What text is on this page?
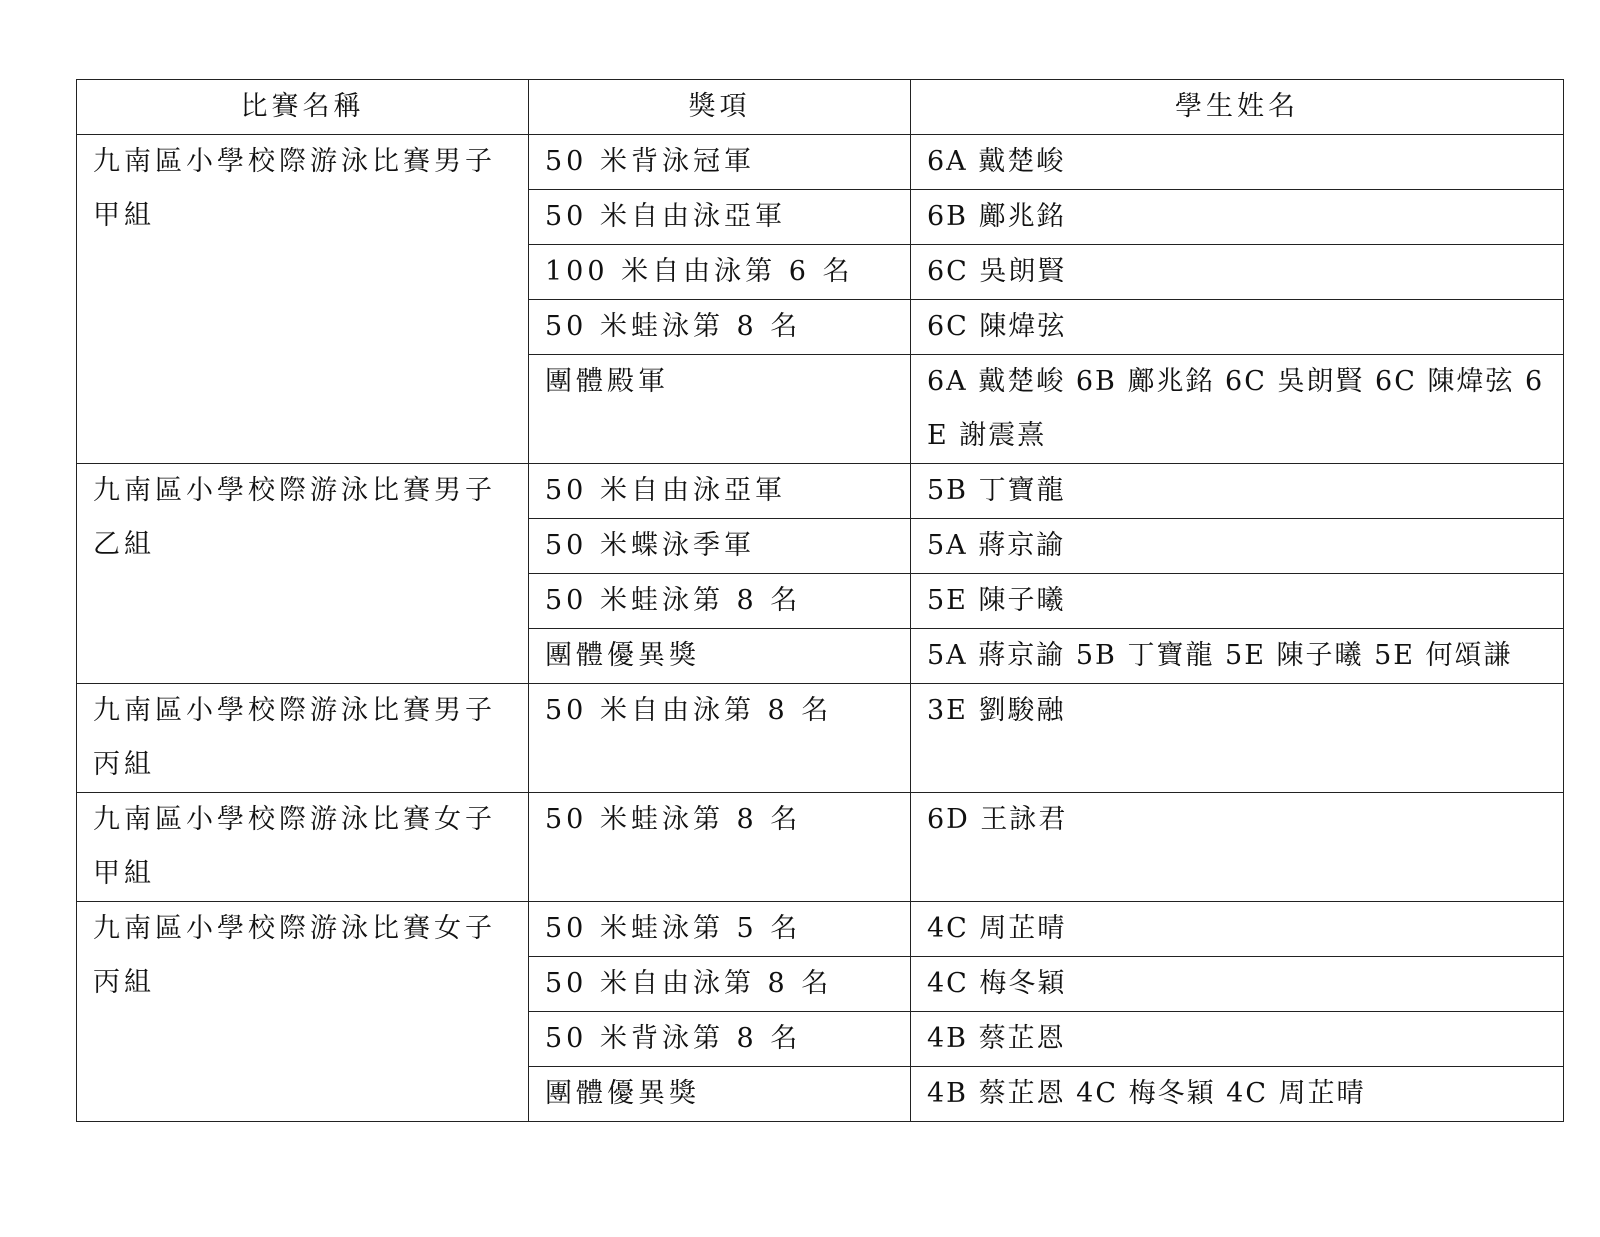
比賽名稱	獎項	學生姓名
九南區小學校際游泳比賽男子甲組	50 米背泳冠軍	6A 戴楚峻
	50 米自由泳亞軍	6B 鄺兆銘
	100 米自由泳第 6 名	6C 吳朗賢
	50 米蛙泳第 8 名	6C 陳煒弦
	團體殿軍	6A 戴楚峻 6B 鄺兆銘 6C 吳朗賢 6C 陳煒弦 6E 謝震熹
九南區小學校際游泳比賽男子乙組	50 米自由泳亞軍	5B 丁寶龍
	50 米蝶泳季軍	5A 蔣京諭
	50 米蛙泳第 8 名	5E 陳子曦
	團體優異獎	5A 蔣京諭 5B 丁寶龍 5E 陳子曦 5E 何頌謙
九南區小學校際游泳比賽男子丙組	50 米自由泳第 8 名	3E 劉駿融
九南區小學校際游泳比賽女子甲組	50 米蛙泳第 8 名	6D 王詠君
九南區小學校際游泳比賽女子丙組	50 米蛙泳第 5 名	4C 周芷晴
	50 米自由泳第 8 名	4C 梅冬穎
	50 米背泳第 8 名	4B 蔡芷恩
	團體優異獎	4B 蔡芷恩 4C 梅冬穎 4C 周芷晴
